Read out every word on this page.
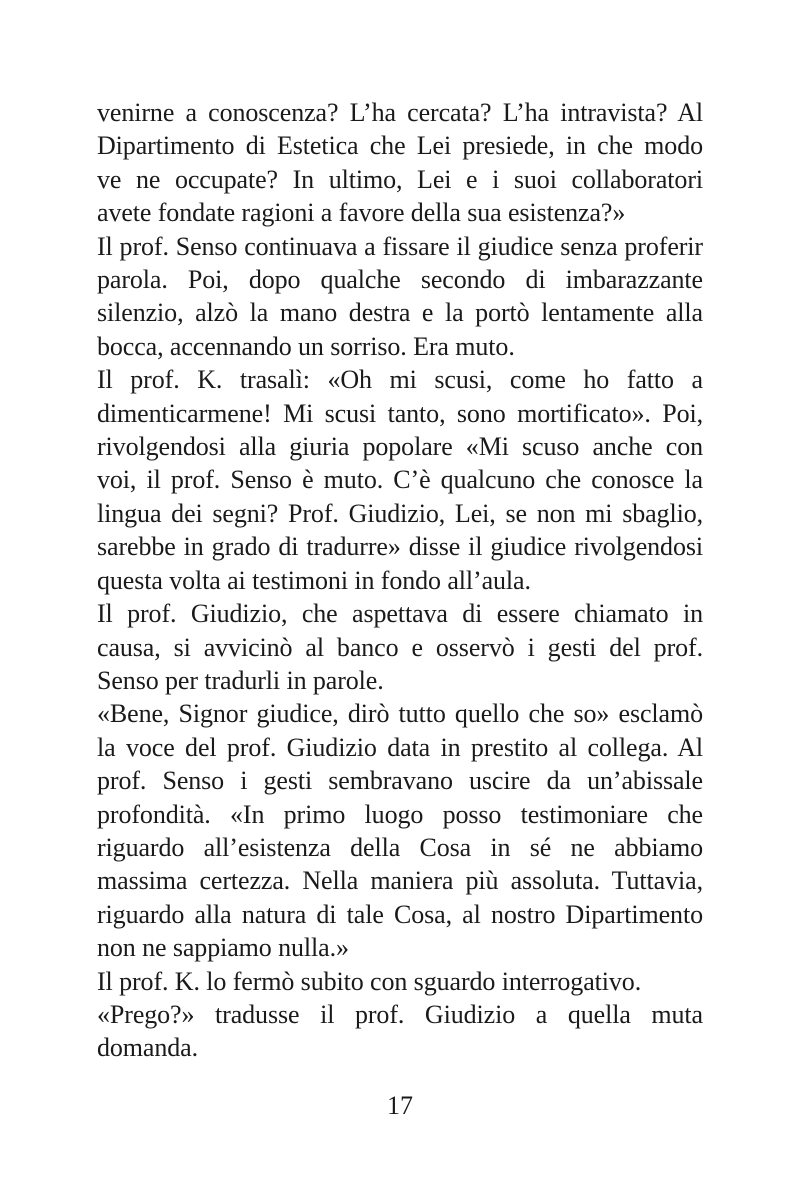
venirne a conoscenza? L’ha cercata? L’ha intravista? Al
Dipartimento di Estetica che Lei presiede, in che modo
ve ne occupate? In ultimo, Lei e i suoi collaboratori
avete fondate ragioni a favore della sua esistenza?»
Il prof. Senso continuava a fissare il giudice senza proferir
parola. Poi, dopo qualche secondo di imbarazzante
silenzio, alzò la mano destra e la portò lentamente alla
bocca, accennando un sorriso. Era muto.
Il prof. K. trasalì: «Oh mi scusi, come ho fatto a
dimenticarmene! Mi scusi tanto, sono mortificato». Poi,
rivolgendosi alla giuria popolare «Mi scuso anche con
voi, il prof. Senso è muto. C’è qualcuno che conosce la
lingua dei segni? Prof. Giudizio, Lei, se non mi sbaglio,
sarebbe in grado di tradurre» disse il giudice rivolgendosi
questa volta ai testimoni in fondo all’aula.
Il prof. Giudizio, che aspettava di essere chiamato in
causa, si avvicinò al banco e osservò i gesti del prof.
Senso per tradurli in parole.
«Bene, Signor giudice, dirò tutto quello che so» esclamò
la voce del prof. Giudizio data in prestito al collega. Al
prof. Senso i gesti sembravano uscire da un’abissale
profondità. «In primo luogo posso testimoniare che
riguardo all’esistenza della Cosa in sé ne abbiamo
massima certezza. Nella maniera più assoluta. Tuttavia,
riguardo alla natura di tale Cosa, al nostro Dipartimento
non ne sappiamo nulla.»
Il prof. K. lo fermò subito con sguardo interrogativo.
«Prego?» tradusse il prof. Giudizio a quella muta
domanda.
17
